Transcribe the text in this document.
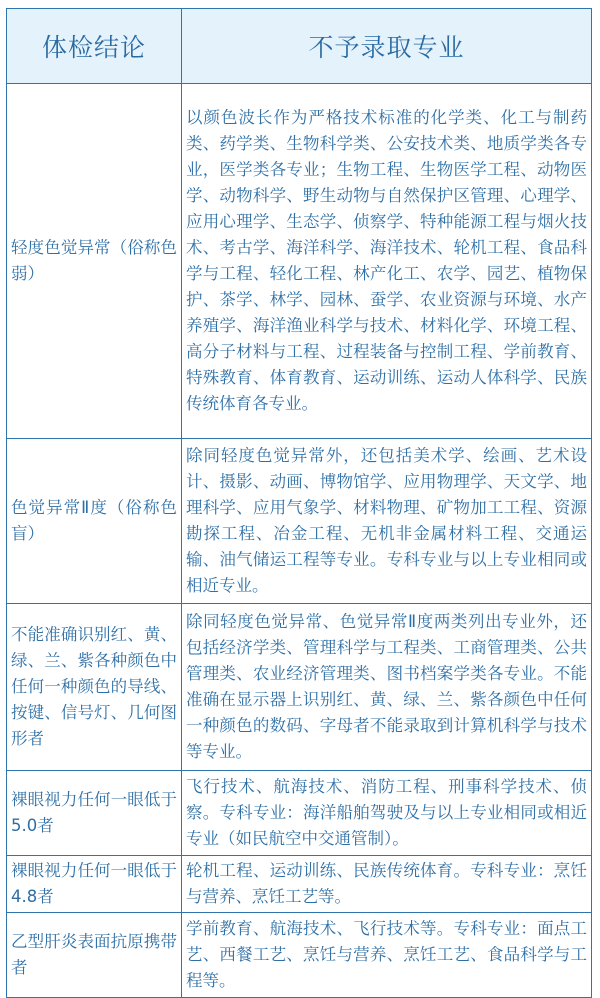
体检结论	不予录取专业
轻度色觉异常（俗称色弱）	以颜色波长作为严格技术标准的化学类、化工与制药类、药学类、生物科学类、公安技术类、地质学类各专业，医学类各专业；生物工程、生物医学工程、动物医学、动物科学、野生动物与自然保护区管理、心理学、应用心理学、生态学、侦察学、特种能源工程与烟火技术、考古学、海洋科学、海洋技术、轮机工程、食品科学与工程、轻化工程、林产化工、农学、园艺、植物保护、茶学、林学、园林、蚕学、农业资源与环境、水产养殖学、海洋渔业科学与技术、材料化学、环境工程、高分子材料与工程、过程装备与控制工程、学前教育、特殊教育、体育教育、运动训练、运动人体科学、民族传统体育各专业。
色觉异常Ⅱ度（俗称色盲）	除同轻度色觉异常外，还包括美术学、绘画、艺术设计、摄影、动画、博物馆学、应用物理学、天文学、地理科学、应用气象学、材料物理、矿物加工工程、资源勘探工程、冶金工程、无机非金属材料工程、交通运输、油气储运工程等专业。专科专业与以上专业相同或相近专业。
不能准确识别红、黄、绿、兰、紫各种颜色中任何一种颜色的导线、按键、信号灯、几何图形者	除同轻度色觉异常、色觉异常Ⅱ度两类列出专业外，还包括经济学类、管理科学与工程类、工商管理类、公共管理类、农业经济管理类、图书档案学类各专业。不能准确在显示器上识别红、黄、绿、兰、紫各颜色中任何一种颜色的数码、字母者不能录取到计算机科学与技术等专业。
裸眼视力任何一眼低于5.0者	飞行技术、航海技术、消防工程、刑事科学技术、侦察。专科专业：海洋船舶驾驶及与以上专业相同或相近专业（如民航空中交通管制）。
裸眼视力任何一眼低于4.8者	轮机工程、运动训练、民族传统体育。专科专业：烹饪与营养、烹饪工艺等。
乙型肝炎表面抗原携带者	学前教育、航海技术、飞行技术等。专科专业：面点工艺、西餐工艺、烹饪与营养、烹饪工艺、食品科学与工程等。
